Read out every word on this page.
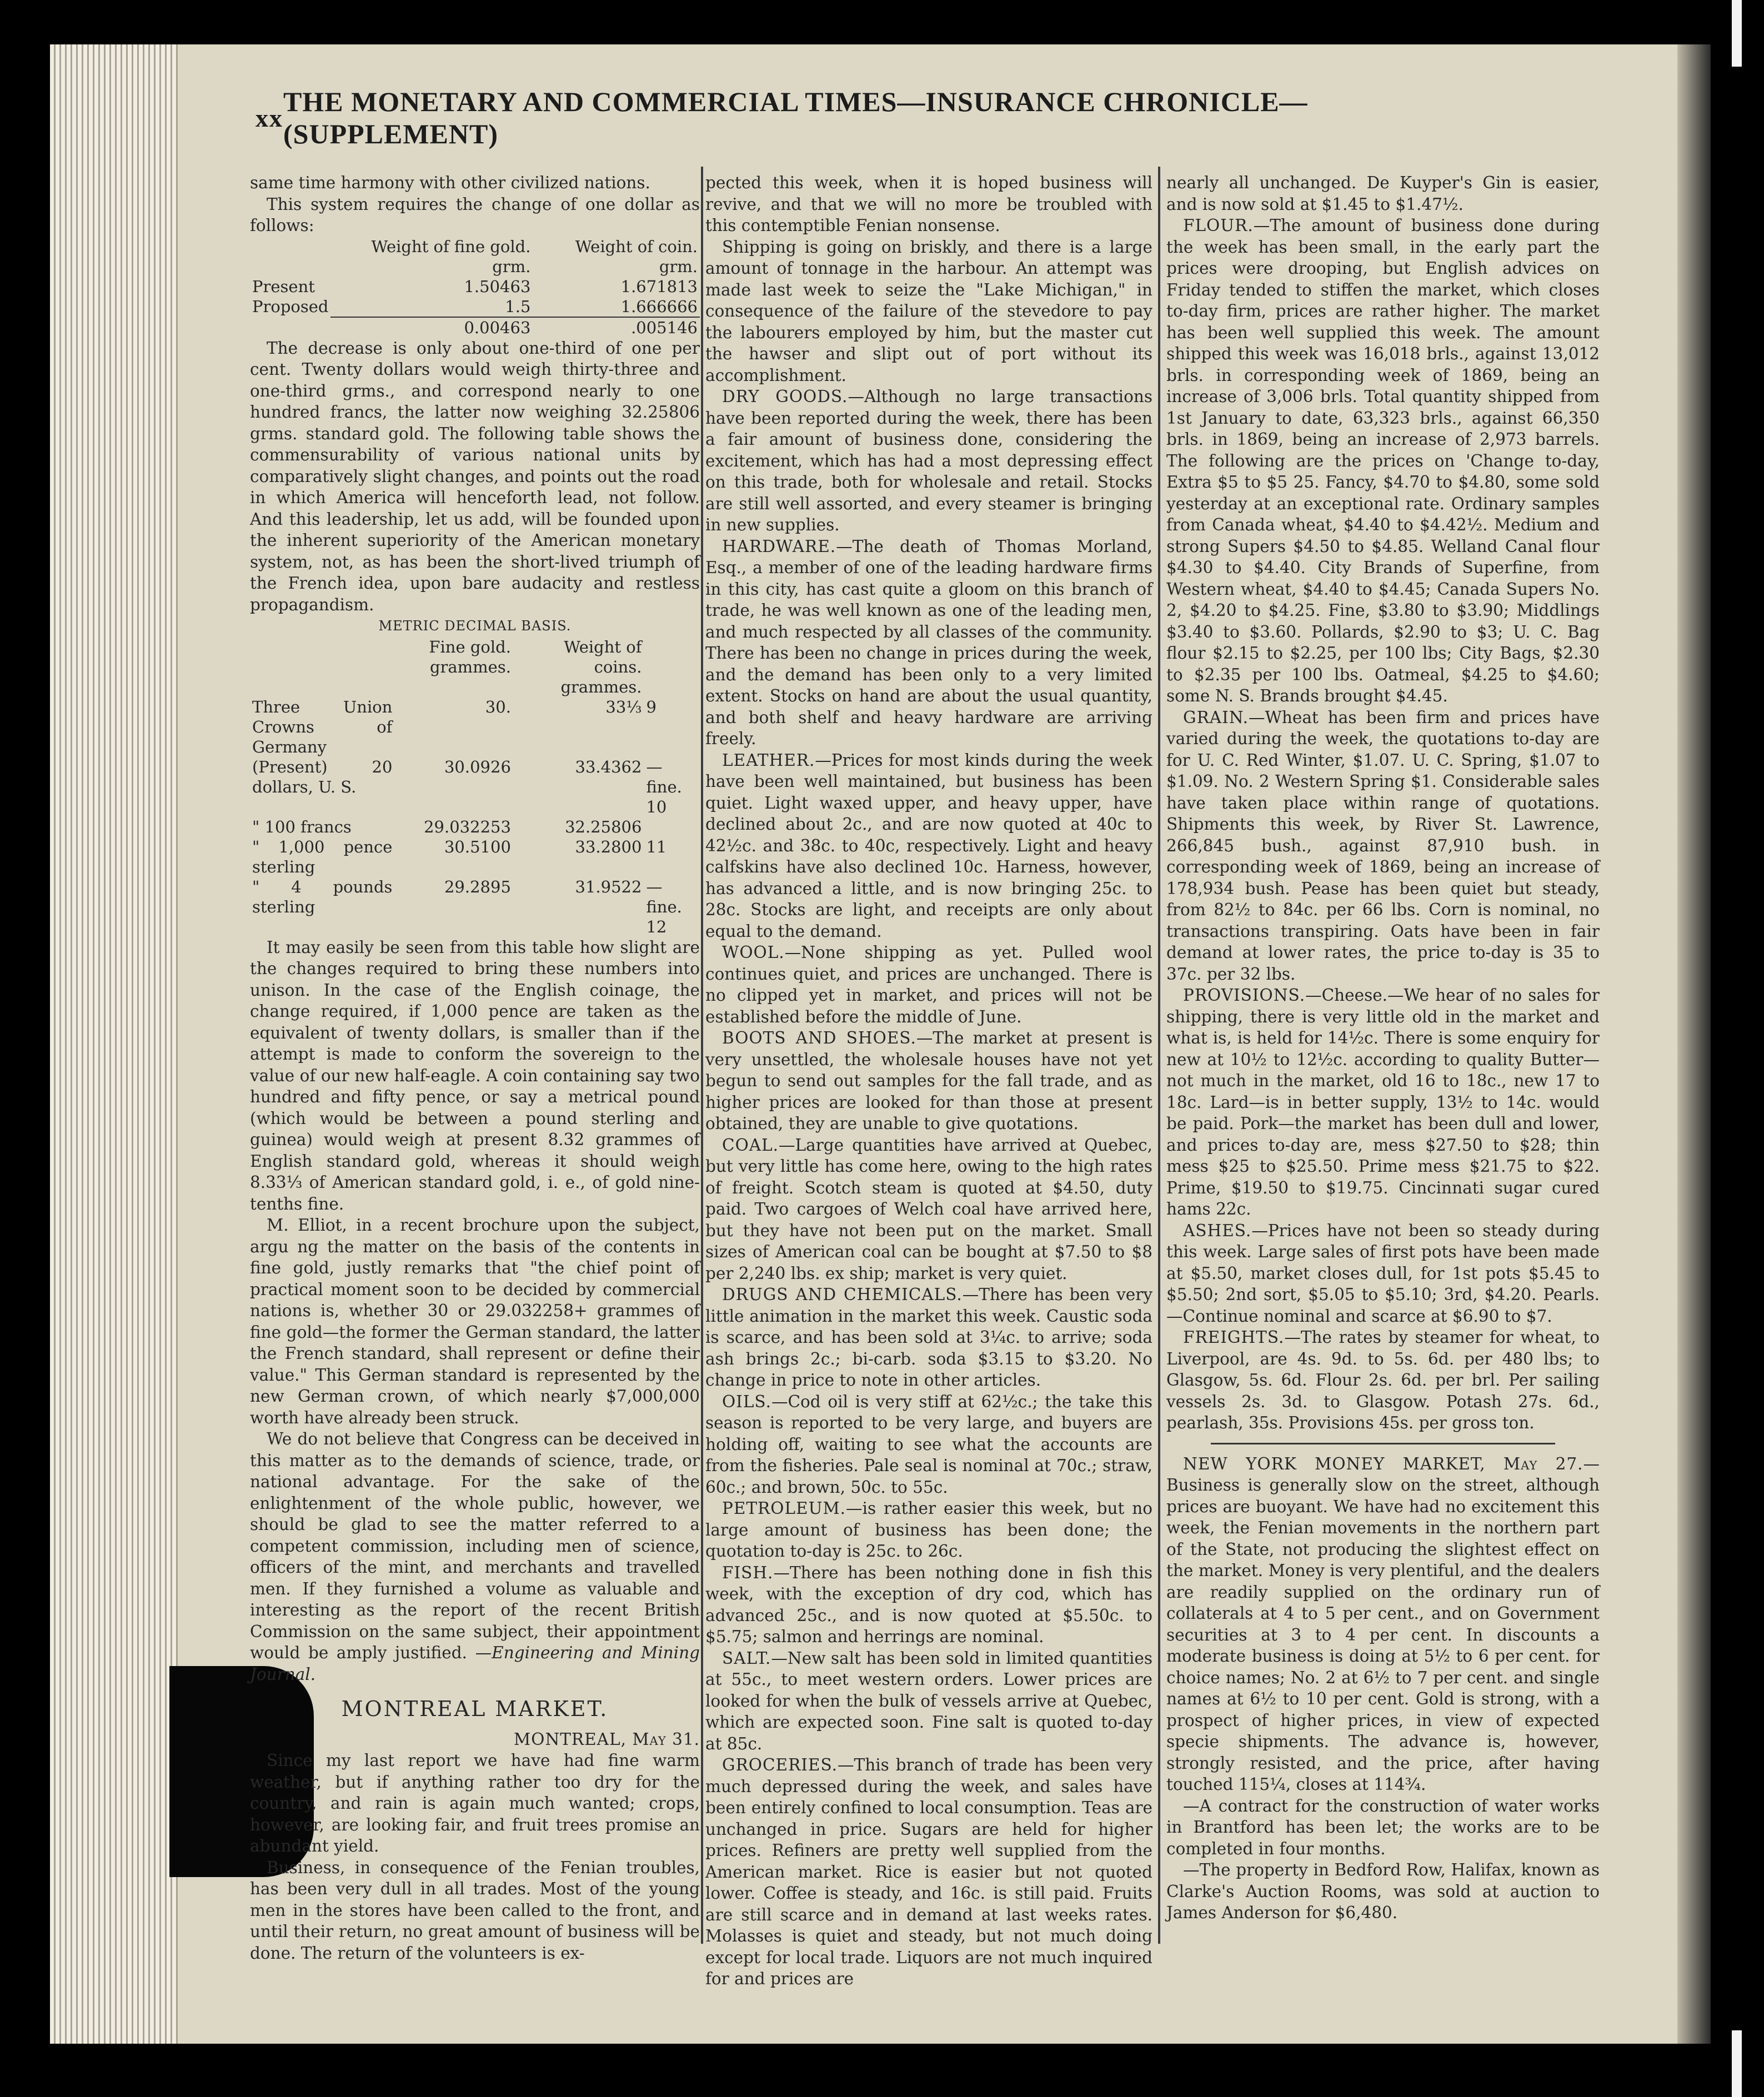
xx
THE MONETARY AND COMMERCIAL TIMES—INSURANCE CHRONICLE—(SUPPLEMENT)

same time harmony with other civilized nations.

This system requires the change of one dollar as follows:

	Weight of fine gold. grm.	Weight of coin. grm.
Present	1.50463	1.671813
Proposed	1.5	1.666666
	0.00463	.005146

The decrease is only about one-third of one per cent. Twenty dollars would weigh thirty-three and one-third grms., and correspond nearly to one hundred francs, the latter now weighing 32.25806 grms. standard gold. The following table shows the commensurability of various national units by comparatively slight changes, and points out the road in which America will henceforth lead, not follow. And this leadership, let us add, will be founded upon the inherent superiority of the American monetary system, not, as has been the short-lived triumph of the French idea, upon bare audacity and restless propagandism.

METRIC DECIMAL BASIS.

	Fine gold. grammes.	Weight of coins. grammes.	
Three Union Crowns of Germany	30.	33⅓	9
(Present) 20 dollars, U. S.	30.0926	33.4362	— fine. 10
" 100 francs	29.032253	32.25806	
" 1,000 pence sterling	30.5100	33.2800	11
" 4 pounds sterling	29.2895	31.9522	— fine. 12

It may easily be seen from this table how slight are the changes required to bring these numbers into unison. In the case of the English coinage, the change required, if 1,000 pence are taken as the equivalent of twenty dollars, is smaller than if the attempt is made to conform the sovereign to the value of our new half-eagle. A coin containing say two hundred and fifty pence, or say a metrical pound (which would be between a pound sterling and guinea) would weigh at present 8.32 grammes of English standard gold, whereas it should weigh 8.33⅓ of American standard gold, i. e., of gold nine-tenths fine.

M. Elliot, in a recent brochure upon the subject, argu ng the matter on the basis of the contents in fine gold, justly remarks that "the chief point of practical moment soon to be decided by commercial nations is, whether 30 or 29.032258+ grammes of fine gold—the former the German standard, the latter the French standard, shall represent or define their value." This German standard is represented by the new German crown, of which nearly $7,000,000 worth have already been struck.

We do not believe that Congress can be deceived in this matter as to the demands of science, trade, or national advantage. For the sake of the enlightenment of the whole public, however, we should be glad to see the matter referred to a competent commission, including men of science, officers of the mint, and merchants and travelled men. If they furnished a volume as valuable and interesting as the report of the recent British Commission on the same subject, their appointment would be amply justified. —Engineering and Mining Journal.

MONTREAL MARKET.

MONTREAL, May 31.

Since my last report we have had fine warm weather, but if anything rather too dry for the country, and rain is again much wanted; crops, however, are looking fair, and fruit trees promise an abundant yield.

Business, in consequence of the Fenian troubles, has been very dull in all trades. Most of the young men in the stores have been called to the front, and until their return, no great amount of business will be done. The return of the volunteers is ex-

pected this week, when it is hoped business will revive, and that we will no more be troubled with this contemptible Fenian nonsense.

Shipping is going on briskly, and there is a large amount of tonnage in the harbour. An attempt was made last week to seize the "Lake Michigan," in consequence of the failure of the stevedore to pay the labourers employed by him, but the master cut the hawser and slipt out of port without its accomplishment.

DRY GOODS.—Although no large transactions have been reported during the week, there has been a fair amount of business done, considering the excitement, which has had a most depressing effect on this trade, both for wholesale and retail. Stocks are still well assorted, and every steamer is bringing in new supplies.

HARDWARE.—The death of Thomas Morland, Esq., a member of one of the leading hardware firms in this city, has cast quite a gloom on this branch of trade, he was well known as one of the leading men, and much respected by all classes of the community. There has been no change in prices during the week, and the demand has been only to a very limited extent. Stocks on hand are about the usual quantity, and both shelf and heavy hardware are arriving freely.

LEATHER.—Prices for most kinds during the week have been well maintained, but business has been quiet. Light waxed upper, and heavy upper, have declined about 2c., and are now quoted at 40c to 42½c. and 38c. to 40c, respectively. Light and heavy calfskins have also declined 10c. Harness, however, has advanced a little, and is now bringing 25c. to 28c. Stocks are light, and receipts are only about equal to the demand.

WOOL.—None shipping as yet. Pulled wool continues quiet, and prices are unchanged. There is no clipped yet in market, and prices will not be established before the middle of June.

BOOTS AND SHOES.—The market at present is very unsettled, the wholesale houses have not yet begun to send out samples for the fall trade, and as higher prices are looked for than those at present obtained, they are unable to give quotations.

COAL.—Large quantities have arrived at Quebec, but very little has come here, owing to the high rates of freight. Scotch steam is quoted at $4.50, duty paid. Two cargoes of Welch coal have arrived here, but they have not been put on the market. Small sizes of American coal can be bought at $7.50 to $8 per 2,240 lbs. ex ship; market is very quiet.

DRUGS AND CHEMICALS.—There has been very little animation in the market this week. Caustic soda is scarce, and has been sold at 3¼c. to arrive; soda ash brings 2c.; bi-carb. soda $3.15 to $3.20. No change in price to note in other articles.

OILS.—Cod oil is very stiff at 62½c.; the take this season is reported to be very large, and buyers are holding off, waiting to see what the accounts are from the fisheries. Pale seal is nominal at 70c.; straw, 60c.; and brown, 50c. to 55c.

PETROLEUM.—is rather easier this week, but no large amount of business has been done; the quotation to-day is 25c. to 26c.

FISH.—There has been nothing done in fish this week, with the exception of dry cod, which has advanced 25c., and is now quoted at $5.50c. to $5.75; salmon and herrings are nominal.

SALT.—New salt has been sold in limited quantities at 55c., to meet western orders. Lower prices are looked for when the bulk of vessels arrive at Quebec, which are expected soon. Fine salt is quoted to-day at 85c.

GROCERIES.—This branch of trade has been very much depressed during the week, and sales have been entirely confined to local consumption. Teas are unchanged in price. Sugars are held for higher prices. Refiners are pretty well supplied from the American market. Rice is easier but not quoted lower. Coffee is steady, and 16c. is still paid. Fruits are still scarce and in demand at last weeks rates. Molasses is quiet and steady, but not much doing except for local trade. Liquors are not much inquired for and prices are

nearly all unchanged. De Kuyper's Gin is easier, and is now sold at $1.45 to $1.47½.

FLOUR.—The amount of business done during the week has been small, in the early part the prices were drooping, but English advices on Friday tended to stiffen the market, which closes to-day firm, prices are rather higher. The market has been well supplied this week. The amount shipped this week was 16,018 brls., against 13,012 brls. in corresponding week of 1869, being an increase of 3,006 brls. Total quantity shipped from 1st January to date, 63,323 brls., against 66,350 brls. in 1869, being an increase of 2,973 barrels. The following are the prices on 'Change to-day, Extra $5 to $5 25. Fancy, $4.70 to $4.80, some sold yesterday at an exceptional rate. Ordinary samples from Canada wheat, $4.40 to $4.42½. Medium and strong Supers $4.50 to $4.85. Welland Canal flour $4.30 to $4.40. City Brands of Superfine, from Western wheat, $4.40 to $4.45; Canada Supers No. 2, $4.20 to $4.25. Fine, $3.80 to $3.90; Middlings $3.40 to $3.60. Pollards, $2.90 to $3; U. C. Bag flour $2.15 to $2.25, per 100 lbs; City Bags, $2.30 to $2.35 per 100 lbs. Oatmeal, $4.25 to $4.60; some N. S. Brands brought $4.45.

GRAIN.—Wheat has been firm and prices have varied during the week, the quotations to-day are for U. C. Red Winter, $1.07. U. C. Spring, $1.07 to $1.09. No. 2 Western Spring $1. Considerable sales have taken place within range of quotations. Shipments this week, by River St. Lawrence, 266,845 bush., against 87,910 bush. in corresponding week of 1869, being an increase of 178,934 bush. Pease has been quiet but steady, from 82½ to 84c. per 66 lbs. Corn is nominal, no transactions transpiring. Oats have been in fair demand at lower rates, the price to-day is 35 to 37c. per 32 lbs.

PROVISIONS.—Cheese.—We hear of no sales for shipping, there is very little old in the market and what is, is held for 14½c. There is some enquiry for new at 10½ to 12½c. according to quality Butter—not much in the market, old 16 to 18c., new 17 to 18c. Lard—is in better supply, 13½ to 14c. would be paid. Pork—the market has been dull and lower, and prices to-day are, mess $27.50 to $28; thin mess $25 to $25.50. Prime mess $21.75 to $22. Prime, $19.50 to $19.75. Cincinnati sugar cured hams 22c.

ASHES.—Prices have not been so steady during this week. Large sales of first pots have been made at $5.50, market closes dull, for 1st pots $5.45 to $5.50; 2nd sort, $5.05 to $5.10; 3rd, $4.20. Pearls.—Continue nominal and scarce at $6.90 to $7.

FREIGHTS.—The rates by steamer for wheat, to Liverpool, are 4s. 9d. to 5s. 6d. per 480 lbs; to Glasgow, 5s. 6d. Flour 2s. 6d. per brl. Per sailing vessels 2s. 3d. to Glasgow. Potash 27s. 6d., pearlash, 35s. Provisions 45s. per gross ton.

NEW YORK MONEY MARKET, May 27.—Business is generally slow on the street, although prices are buoyant. We have had no excitement this week, the Fenian movements in the northern part of the State, not producing the slightest effect on the market. Money is very plentiful, and the dealers are readily supplied on the ordinary run of collaterals at 4 to 5 per cent., and on Government securities at 3 to 4 per cent. In discounts a moderate business is doing at 5½ to 6 per cent. for choice names; No. 2 at 6½ to 7 per cent. and single names at 6½ to 10 per cent. Gold is strong, with a prospect of higher prices, in view of expected specie shipments. The advance is, however, strongly resisted, and the price, after having touched 115¼, closes at 114¾.

—A contract for the construction of water works in Brantford has been let; the works are to be completed in four months.

—The property in Bedford Row, Halifax, known as Clarke's Auction Rooms, was sold at auction to James Anderson for $6,480.
